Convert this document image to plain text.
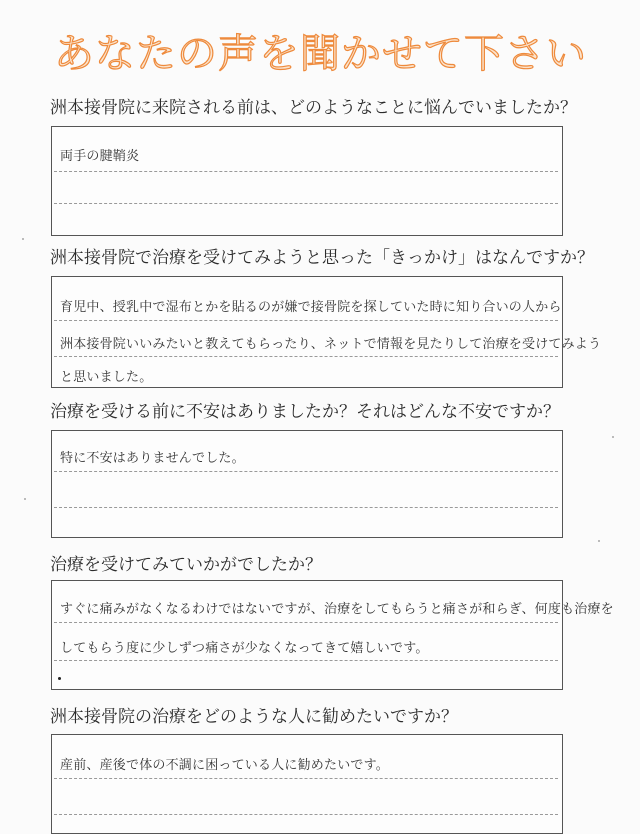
あなたの声を聞かせて下さい

洲本接骨院に来院される前は、どのようなことに悩んでいましたか？

両手の腱鞘炎

洲本接骨院で治療を受けてみようと思った「きっかけ」はなんですか？

育児中、授乳中で湿布とかを貼るのが嫌で接骨院を探していた時に知り合いの人から

洲本接骨院いいみたいと教えてもらったり、ネットで情報を見たりして治療を受けてみよう

と思いました。

治療を受ける前に不安はありましたか？それはどんな不安ですか？

特に不安はありませんでした。

治療を受けてみていかがでしたか？

すぐに痛みがなくなるわけではないですが、治療をしてもらうと痛さが和らぎ、何度も治療を

してもらう度に少しずつ痛さが少なくなってきて嬉しいです。

洲本接骨院の治療をどのような人に勧めたいですか？

産前、産後で体の不調に困っている人に勧めたいです。
